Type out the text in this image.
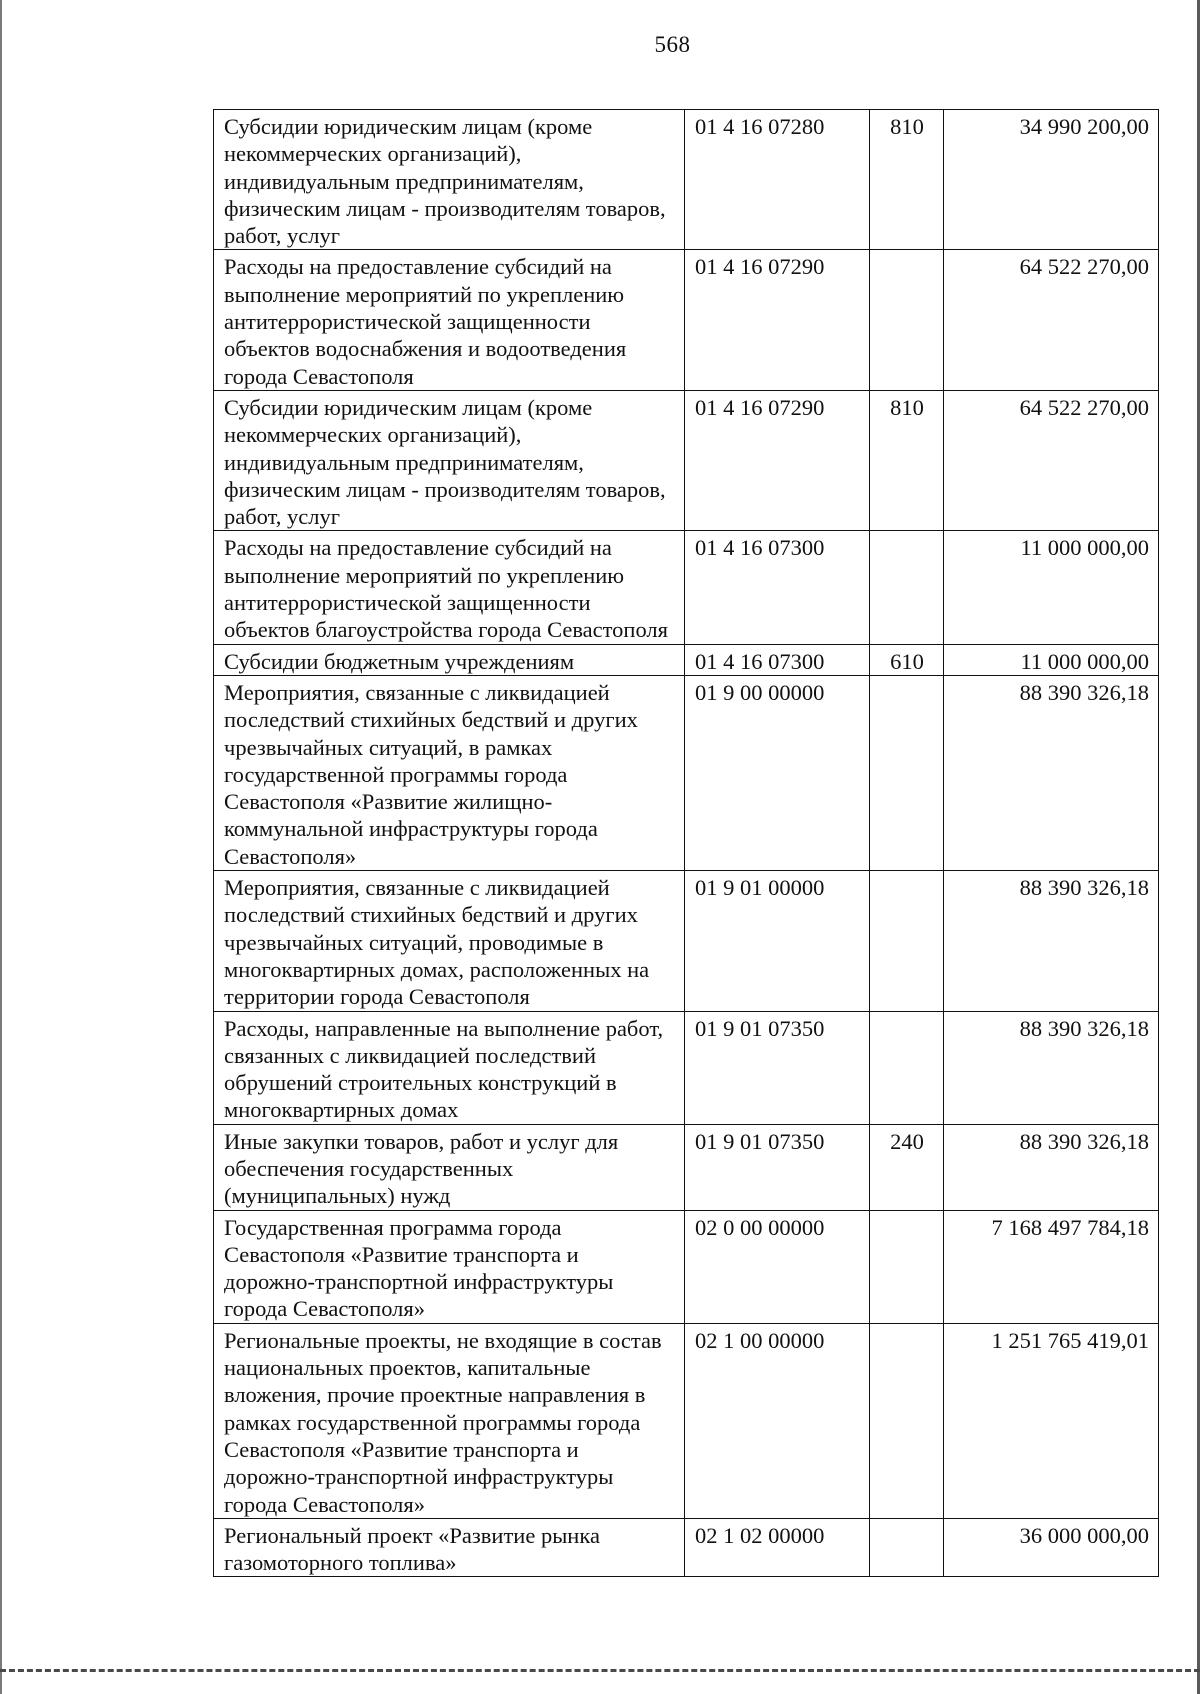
568
Субсидии юридическим лицам (кроме некоммерческих организаций), индивидуальным предпринимателям, физическим лицам - производителям товаров, работ, услуг	01 4 16 07280	810	34 990 200,00
Расходы на предоставление субсидий на выполнение мероприятий по укреплению антитеррористической защищенности объектов водоснабжения и водоотведения города Севастополя	01 4 16 07290		64 522 270,00
Субсидии юридическим лицам (кроме некоммерческих организаций), индивидуальным предпринимателям, физическим лицам - производителям товаров, работ, услуг	01 4 16 07290	810	64 522 270,00
Расходы на предоставление субсидий на выполнение мероприятий по укреплению антитеррористической защищенности объектов благоустройства города Севастополя	01 4 16 07300		11 000 000,00
Субсидии бюджетным учреждениям	01 4 16 07300	610	11 000 000,00
Мероприятия, связанные с ликвидацией последствий стихийных бедствий и других чрезвычайных ситуаций, в рамках государственной программы города Севастополя «Развитие жилищно-коммунальной инфраструктуры города Севастополя»	01 9 00 00000		88 390 326,18
Мероприятия, связанные с ликвидацией последствий стихийных бедствий и других чрезвычайных ситуаций, проводимые в многоквартирных домах, расположенных на территории города Севастополя	01 9 01 00000		88 390 326,18
Расходы, направленные на выполнение работ, связанных с ликвидацией последствий обрушений строительных конструкций в многоквартирных домах	01 9 01 07350		88 390 326,18
Иные закупки товаров, работ и услуг для обеспечения государственных (муниципальных) нужд	01 9 01 07350	240	88 390 326,18
Государственная программа города Севастополя «Развитие транспорта и дорожно-транспортной инфраструктуры города Севастополя»	02 0 00 00000		7 168 497 784,18
Региональные проекты, не входящие в состав национальных проектов, капитальные вложения, прочие проектные направления в рамках государственной программы города Севастополя «Развитие транспорта и дорожно-транспортной инфраструктуры города Севастополя»	02 1 00 00000		1 251 765 419,01
Региональный проект «Развитие рынка газомоторного топлива»	02 1 02 00000		36 000 000,00
